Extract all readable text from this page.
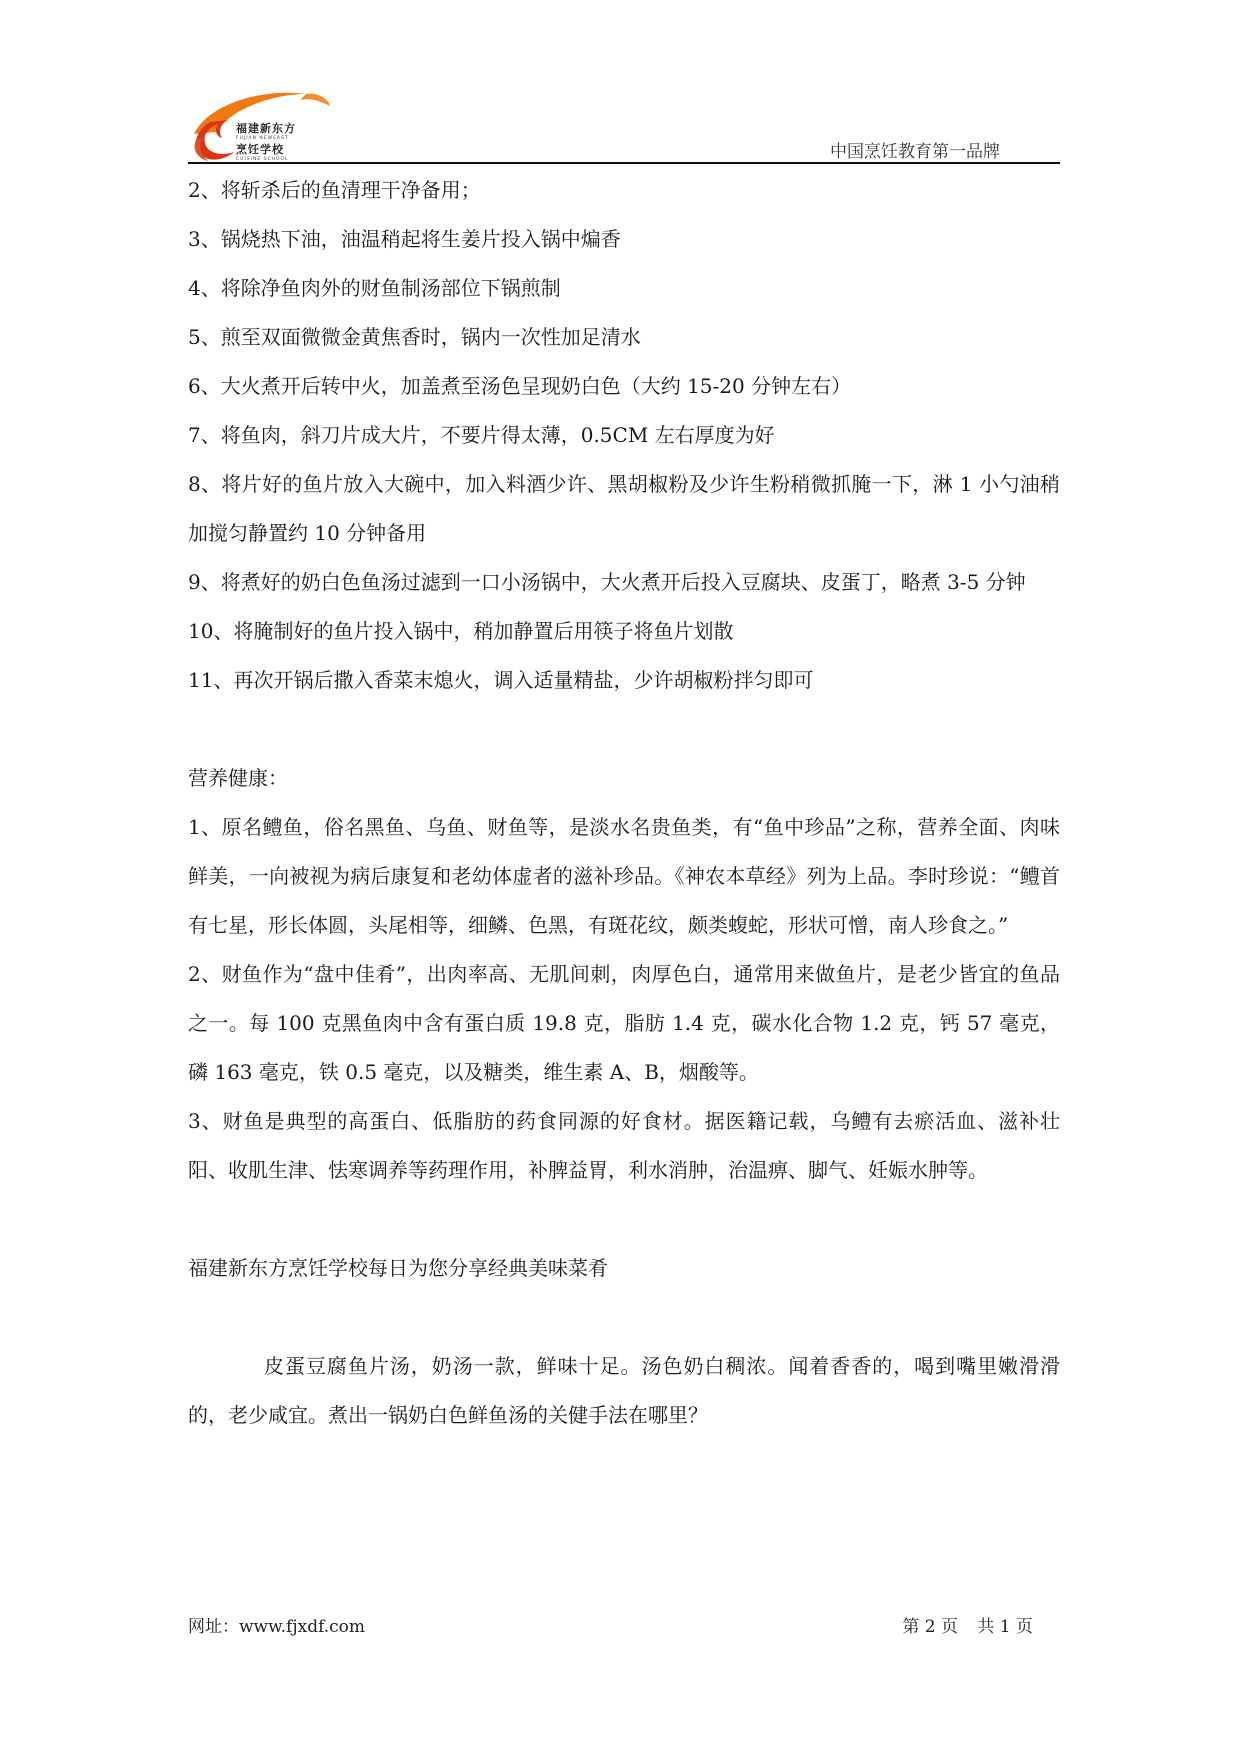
福建新东方
FUJIAN NEWEAST
烹饪学校
CUISINE SCHOOL	中国烹饪教育第一品牌

2、将斩杀后的鱼清理干净备用；

3、锅烧热下油，油温稍起将生姜片投入锅中煸香

4、将除净鱼肉外的财鱼制汤部位下锅煎制

5、煎至双面微微金黄焦香时，锅内一次性加足清水

6、大火煮开后转中火，加盖煮至汤色呈现奶白色（大约 15-20 分钟左右）

7、将鱼肉，斜刀片成大片，不要片得太薄，0.5CM 左右厚度为好

8、将片好的鱼片放入大碗中，加入料酒少许、黑胡椒粉及少许生粉稍微抓腌一下，淋 1 小勺油稍加搅匀静置约 10 分钟备用

9、将煮好的奶白色鱼汤过滤到一口小汤锅中，大火煮开后投入豆腐块、皮蛋丁，略煮 3-5 分钟

10、将腌制好的鱼片投入锅中，稍加静置后用筷子将鱼片划散

11、再次开锅后撒入香菜末熄火，调入适量精盐，少许胡椒粉拌匀即可

营养健康：

1、原名鳢鱼，俗名黑鱼、乌鱼、财鱼等，是淡水名贵鱼类，有“鱼中珍品”之称，营养全面、肉味鲜美，一向被视为病后康复和老幼体虚者的滋补珍品。《神农本草经》列为上品。李时珍说：“鳢首有七星，形长体圆，头尾相等，细鳞、色黑，有斑花纹，颇类蝮蛇，形状可憎，南人珍食之。”

2、财鱼作为“盘中佳肴”，出肉率高、无肌间刺，肉厚色白，通常用来做鱼片，是老少皆宜的鱼品之一。每 100 克黑鱼肉中含有蛋白质 19.8 克，脂肪 1.4 克，碳水化合物 1.2 克，钙 57 毫克，磷 163 毫克，铁 0.5 毫克，以及糖类，维生素 A、B，烟酸等。

3、财鱼是典型的高蛋白、低脂肪的药食同源的好食材。据医籍记载，乌鳢有去瘀活血、滋补壮阳、收肌生津、怯寒调养等药理作用，补脾益胃，利水消肿，治温痹、脚气、妊娠水肿等。

福建新东方烹饪学校每日为您分享经典美味菜肴

皮蛋豆腐鱼片汤，奶汤一款，鲜味十足。汤色奶白稠浓。闻着香香的，喝到嘴里嫩滑滑的，老少咸宜。煮出一锅奶白色鲜鱼汤的关健手法在哪里？

网址：www.fjxdf.com	第 2 页 共 1 页
